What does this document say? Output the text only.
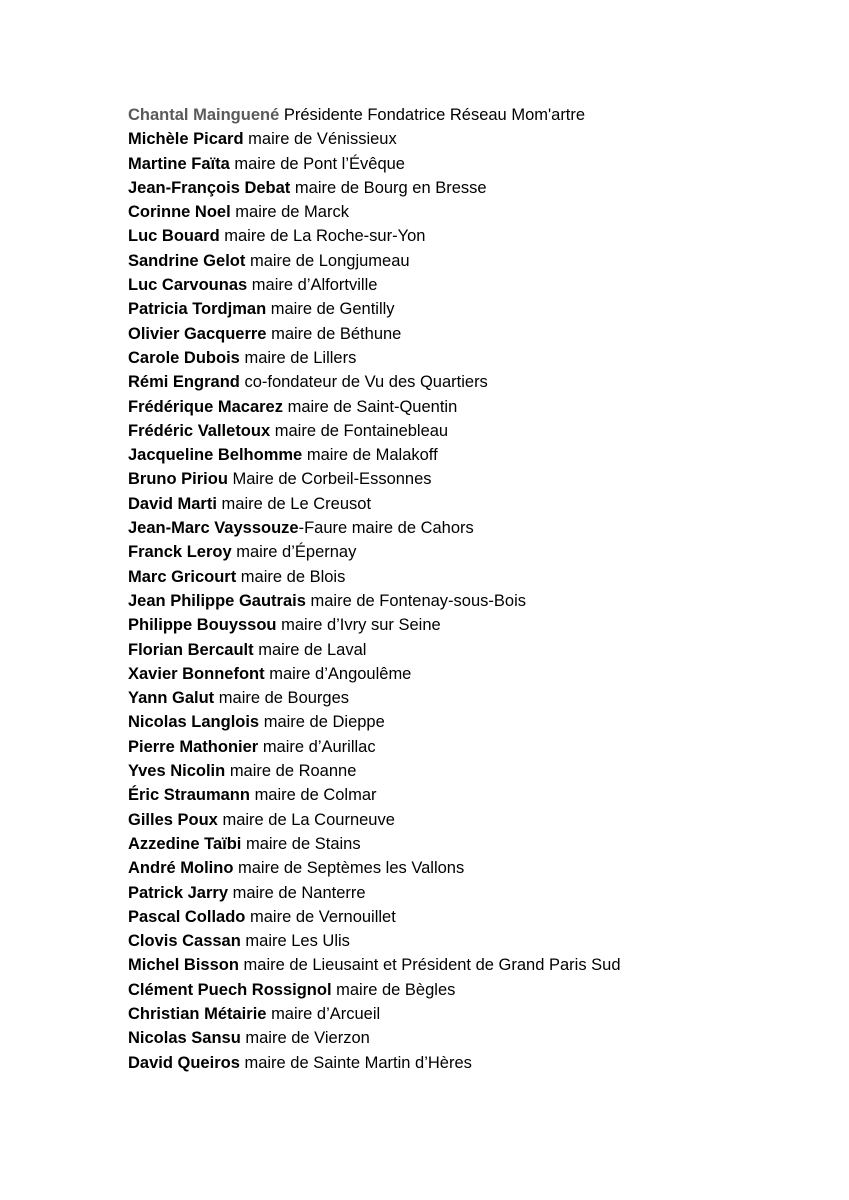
Chantal Mainguené Présidente Fondatrice Réseau Mom'artre
Michèle Picard maire de Vénissieux
Martine Faïta maire de Pont l’Évêque
Jean-François Debat maire de Bourg en Bresse
Corinne Noel maire de Marck
Luc Bouard maire de La Roche-sur-Yon
Sandrine Gelot maire de Longjumeau
Luc Carvounas maire d’Alfortville
Patricia Tordjman maire de Gentilly
Olivier Gacquerre maire de Béthune
Carole Dubois maire de Lillers
Rémi Engrand co-fondateur de Vu des Quartiers
Frédérique Macarez maire de Saint-Quentin
Frédéric Valletoux maire de Fontainebleau
Jacqueline Belhomme maire de Malakoff
Bruno Piriou Maire de Corbeil-Essonnes
David Marti maire de Le Creusot
Jean-Marc Vayssouze-Faure maire de Cahors
Franck Leroy maire d’Épernay
Marc Gricourt maire de Blois
Jean Philippe Gautrais maire de Fontenay-sous-Bois
Philippe Bouyssou maire d’Ivry sur Seine
Florian Bercault maire de Laval
Xavier Bonnefont maire d’Angoulême
Yann Galut maire de Bourges
Nicolas Langlois maire de Dieppe
Pierre Mathonier maire d’Aurillac
Yves Nicolin maire de Roanne
Éric Straumann maire de Colmar
Gilles Poux maire de La Courneuve
Azzedine Taïbi maire de Stains
André Molino maire de Septèmes les Vallons
Patrick Jarry maire de Nanterre
Pascal Collado maire de Vernouillet
Clovis Cassan maire Les Ulis
Michel Bisson maire de Lieusaint et Président de Grand Paris Sud
Clément Puech Rossignol maire de Bègles
Christian Métairie maire d’Arcueil
Nicolas Sansu maire de Vierzon
David Queiros maire de Sainte Martin d’Hères
